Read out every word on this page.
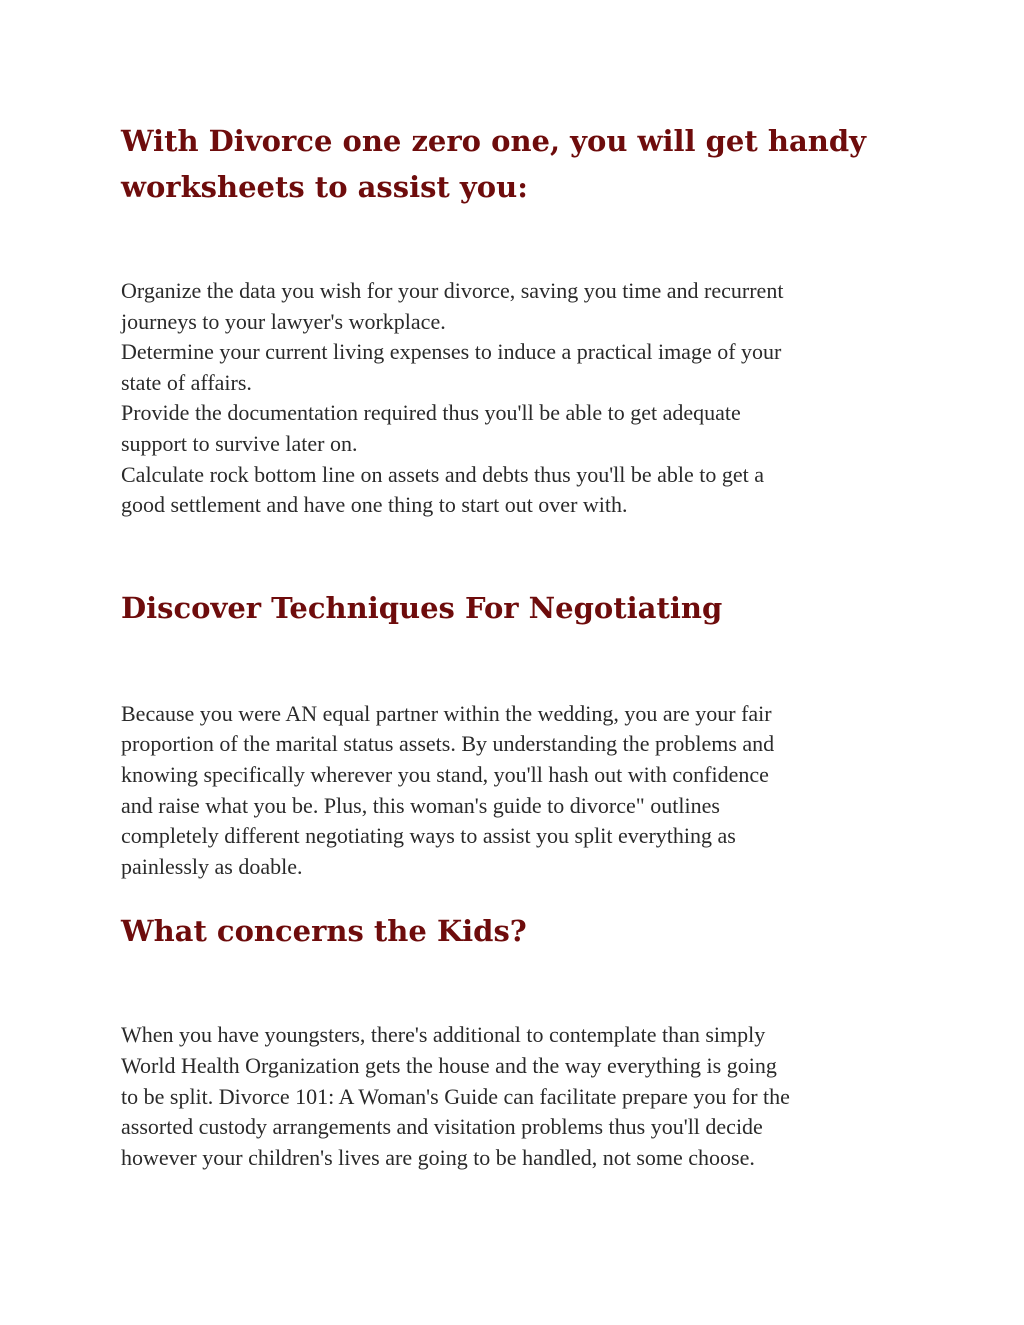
With Divorce one zero one, you will get handy worksheets to assist you:

Organize the data you wish for your divorce, saving you time and recurrent

journeys to your lawyer's workplace.

Determine your current living expenses to induce a practical image of your

state of affairs.

Provide the documentation required thus you'll be able to get adequate

support to survive later on.

Calculate rock bottom line on assets and debts thus you'll be able to get a

good settlement and have one thing to start out over with.

Discover Techniques For Negotiating

Because you were AN equal partner within the wedding, you are your fair

proportion of the marital status assets. By understanding the problems and

knowing specifically wherever you stand, you'll hash out with confidence

and raise what you be. Plus, this woman's guide to divorce" outlines

completely different negotiating ways to assist you split everything as

painlessly as doable.

What concerns the Kids?

When you have youngsters, there's additional to contemplate than simply

World Health Organization gets the house and the way everything is going

to be split. Divorce 101: A Woman's Guide can facilitate prepare you for the

assorted custody arrangements and visitation problems thus you'll decide

however your children's lives are going to be handled, not some choose.
